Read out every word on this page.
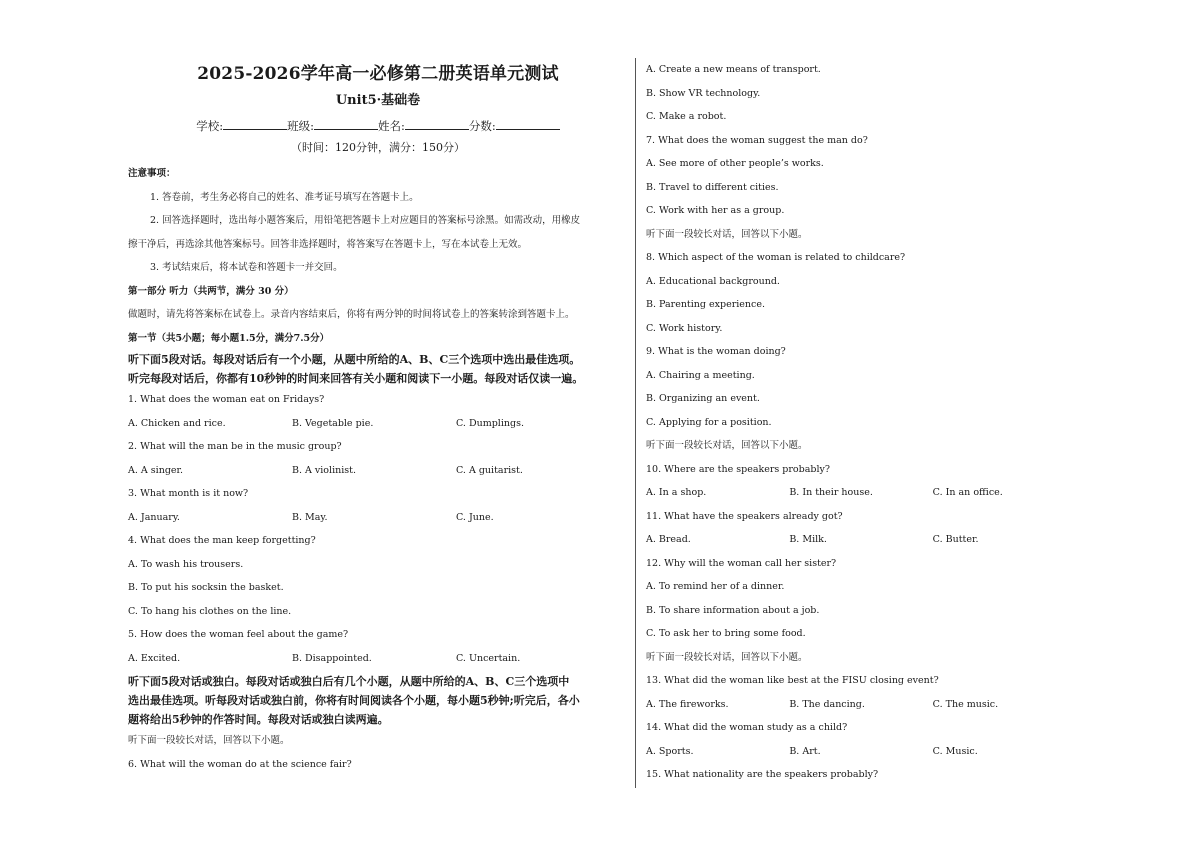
2025-2026学年高一必修第二册英语单元测试
Unit5·基础卷
学校:	班级:	姓名:	分数:
（时间：120分钟，满分：150分）

注意事项：

1. 答卷前，考生务必将自己的姓名、准考证号填写在答题卡上。

2. 回答选择题时，选出每小题答案后，用铅笔把答题卡上对应题目的答案标号涂黑。如需改动，用橡皮

擦干净后，再选涂其他答案标号。回答非选择题时，将答案写在答题卡上，写在本试卷上无效。

3. 考试结束后，将本试卷和答题卡一并交回。

第一部分 听力（共两节，满分 30 分）

做题时，请先将答案标在试卷上。录音内容结束后，你将有两分钟的时间将试卷上的答案转涂到答题卡上。

第一节（共5小题；每小题1.5分，满分7.5分）

听下面5段对话。每段对话后有一个小题，从题中所给的A、B、C三个选项中选出最佳选项。

听完每段对话后，你都有10秒钟的时间来回答有关小题和阅读下一小题。每段对话仅读一遍。

1. What does the woman eat on Fridays?

A. Chicken and rice.	B. Vegetable pie.	C. Dumplings.

2. What will the man be in the music group?

A. A singer.	B. A violinist.	C. A guitarist.

3. What month is it now?

A. January.	B. May.	C. June.

4. What does the man keep forgetting?

A. To wash his trousers.

B. To put his socksin the basket.

C. To hang his clothes on the line.

5. How does the woman feel about the game?

A. Excited.	B. Disappointed.	C. Uncertain.

听下面5段对话或独白。每段对话或独白后有几个小题，从题中所给的A、B、C三个选项中

选出最佳选项。听每段对话或独白前，你将有时间阅读各个小题，每小题5秒钟;听完后，各小

题将给出5秒钟的作答时间。每段对话或独白读两遍。

听下面一段较长对话，回答以下小题。

6. What will the woman do at the science fair?

A. Create a new means of transport.

B. Show VR technology.

C. Make a robot.

7. What does the woman suggest the man do?

A. See more of other people’s works.

B. Travel to different cities.

C. Work with her as a group.

听下面一段较长对话，回答以下小题。

8. Which aspect of the woman is related to childcare?

A. Educational background.

B. Parenting experience.

C. Work history.

9. What is the woman doing?

A. Chairing a meeting.

B. Organizing an event.

C. Applying for a position.

听下面一段较长对话，回答以下小题。

10. Where are the speakers probably?

A. In a shop.	B. In their house.	C. In an office.

11. What have the speakers already got?

A. Bread.	B. Milk.	C. Butter.

12. Why will the woman call her sister?

A. To remind her of a dinner.

B. To share information about a job.

C. To ask her to bring some food.

听下面一段较长对话，回答以下小题。

13. What did the woman like best at the FISU closing event?

A. The fireworks.	B. The dancing.	C. The music.

14. What did the woman study as a child?

A. Sports.	B. Art.	C. Music.

15. What nationality are the speakers probably?
